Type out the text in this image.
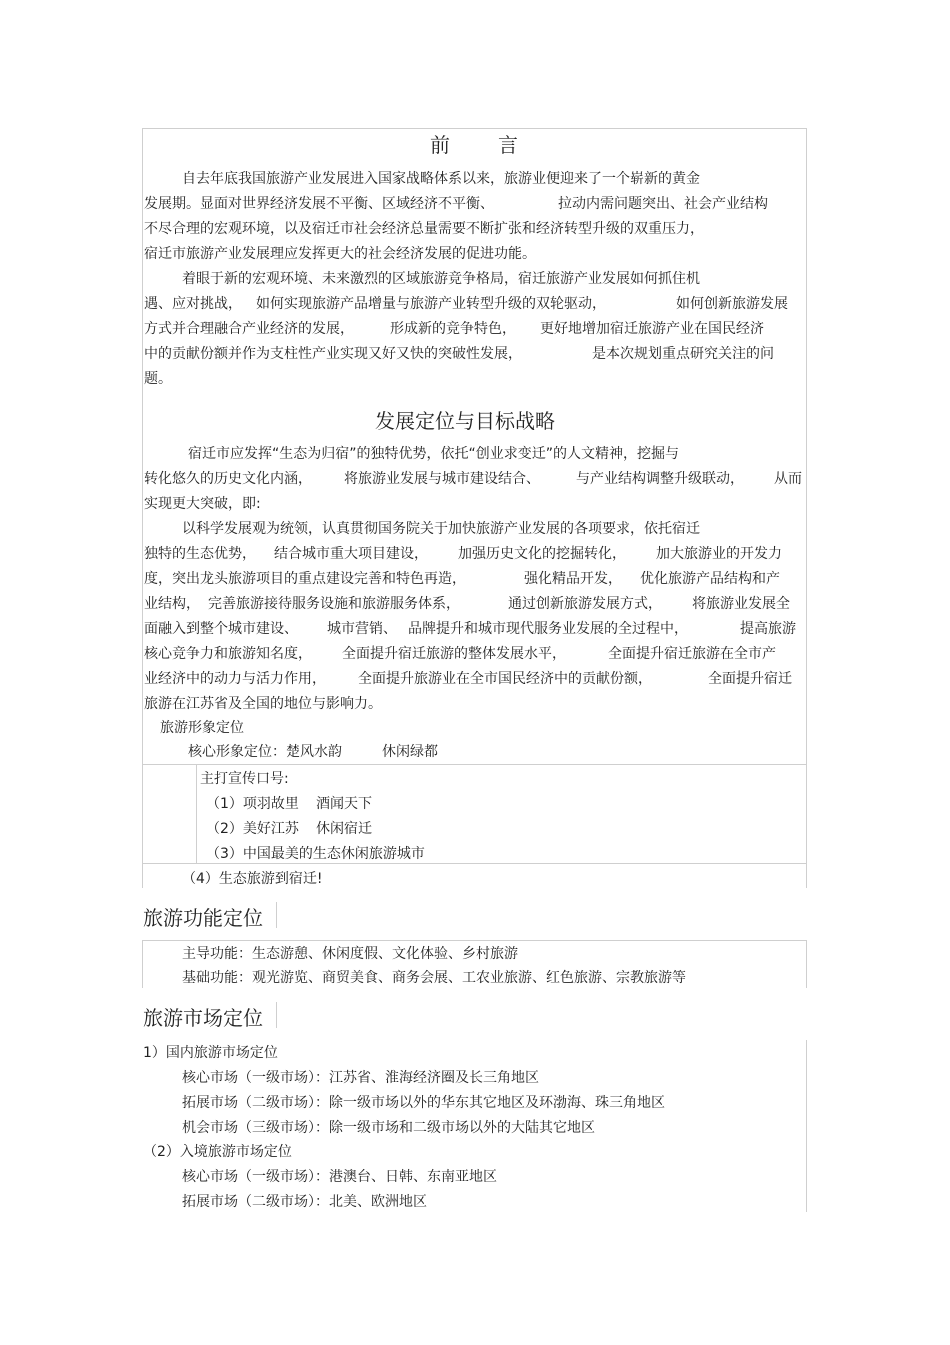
前 言
自去年底我国旅游产业发展进入国家战略体系以来，旅游业便迎来了一个崭新的黄金
发展期。显面对世界经济发展不平衡、区域经济不平衡、	拉动内需问题突出、社会产业结构
不尽合理的宏观环境，以及宿迁市社会经济总量需要不断扩张和经济转型升级的双重压力，
宿迁市旅游产业发展理应发挥更大的社会经济发展的促进功能。
着眼于新的宏观环境、未来激烈的区域旅游竞争格局，宿迁旅游产业发展如何抓住机
遇、应对挑战， 如何实现旅游产品增量与旅游产业转型升级的双轮驱动，	如何创新旅游发展
方式并合理融合产业经济的发展，	形成新的竞争特色， 更好地增加宿迁旅游产业在国民经济
中的贡献份额并作为支柱性产业实现又好又快的突破性发展，	是本次规划重点研究关注的问
题。
发展定位与目标战略
宿迁市应发挥“生态为归宿”的独特优势，依托“创业求变迁”的人文精神，挖掘与
转化悠久的历史文化内涵， 将旅游业发展与城市建设结合、	与产业结构调整升级联动， 从而
实现更大突破，即:
以科学发展观为统领，认真贯彻国务院关于加快旅游产业发展的各项要求，依托宿迁
独特的生态优势， 结合城市重大项目建设， 加强历史文化的挖掘转化， 加大旅游业的开发力
度，突出龙头旅游项目的重点建设完善和特色再造，	强化精品开发， 优化旅游产品结构和产
业结构， 完善旅游接待服务设施和旅游服务体系，	通过创新旅游发展方式， 将旅游业发展全
面融入到整个城市建设、 城市营销、 品牌提升和城市现代服务业发展的全过程中，	提高旅游
核心竞争力和旅游知名度， 全面提升宿迁旅游的整体发展水平，	全面提升宿迁旅游在全市产
业经济中的动力与活力作用， 全面提升旅游业在全市国民经济中的贡献份额，	全面提升宿迁
旅游在江苏省及全国的地位与影响力。
旅游形象定位
核心形象定位：楚风水韵	休闲绿都
主打宣传口号:
（1）项羽故里 酒闻天下
（2）美好江苏 休闲宿迁
（3）中国最美的生态休闲旅游城市
（4）生态旅游到宿迁!
旅游功能定位
主导功能：生态游憩、休闲度假、文化体验、乡村旅游
基础功能：观光游览、商贸美食、商务会展、工农业旅游、红色旅游、宗教旅游等
旅游市场定位
1）国内旅游市场定位
核心市场（一级市场）：江苏省、淮海经济圈及长三角地区
拓展市场（二级市场）：除一级市场以外的华东其它地区及环渤海、珠三角地区
机会市场（三级市场）：除一级市场和二级市场以外的大陆其它地区
（2）入境旅游市场定位
核心市场（一级市场）：港澳台、日韩、东南亚地区
拓展市场（二级市场）：北美、欧洲地区
